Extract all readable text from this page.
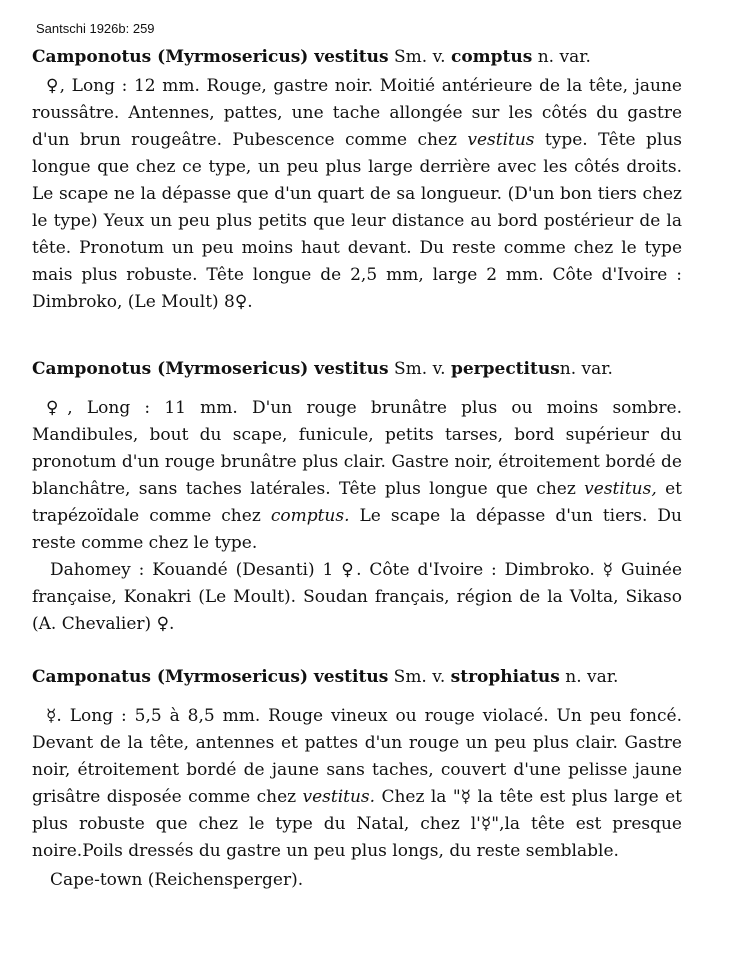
Santschi 1926b: 259
Camponotus (Myrmosericus) vestitus Sm. v. comptus n. var.

♀, Long : 12 mm. Rouge, gastre noir. Moitié antérieure de la tête, jaune roussâtre. Antennes, pattes, une tache allongée sur les côtés du gastre d'un brun rougeâtre. Pubescence comme chez vestitus type. Tête plus longue que chez ce type, un peu plus large derrière avec les côtés droits. Le scape ne la dépasse que d'un quart de sa longueur. (D'un bon tiers chez le type) Yeux un peu plus petits que leur distance au bord postérieur de la tête. Pronotum un peu moins haut devant. Du reste comme chez le type mais plus robuste. Tête longue de 2,5 mm, large 2 mm. Côte d'Ivoire : Dimbroko, (Le Moult) 8♀.

Camponotus (Myrmosericus) vestitus Sm. v. perpectitusn. var.

♀, Long : 11 mm. D'un rouge brunâtre plus ou moins sombre. Mandibules, bout du scape, funicule, petits tarses, bord supérieur du pronotum d'un rouge brunâtre plus clair. Gastre noir, étroitement bordé de blanchâtre, sans taches latérales. Tête plus longue que chez vestitus, et trapézoïdale comme chez comptus. Le scape la dépasse d'un tiers. Du reste comme chez le type.

Dahomey : Kouandé (Desanti) 1 ♀. Côte d'Ivoire : Dimbroko. ☿ Guinée française, Konakri (Le Moult). Soudan français, région de la Volta, Sikaso (A. Chevalier) ♀.

Camponatus (Myrmosericus) vestitus Sm. v. strophiatus n. var.

☿. Long : 5,5 à 8,5 mm. Rouge vineux ou rouge violacé. Un peu foncé. Devant de la tête, antennes et pattes d'un rouge un peu plus clair. Gastre noir, étroitement bordé de jaune sans taches, couvert d'une pelisse jaune grisâtre disposée comme chez vestitus. Chez la "☿ la tête est plus large et plus robuste que chez le type du Natal, chez l'☿",la tête est presque noire.Poils dressés du gastre un peu plus longs, du reste semblable.

Cape-town (Reichensperger).
